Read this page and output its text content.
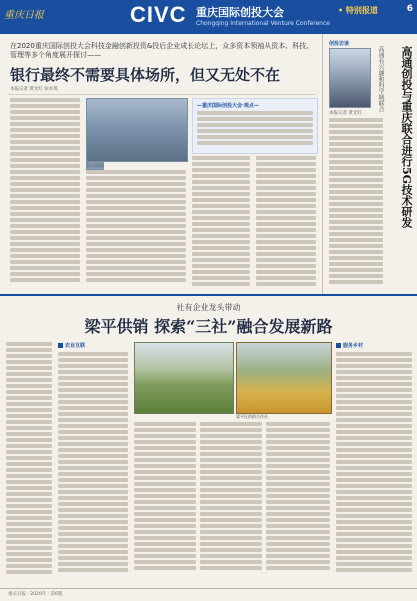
重庆日报	CIVC 重庆国际创投大会	• 特别报道
Chongqing International Venture Conference
6
在2020重庆国际创投大会科技金融创新投资&投后企业成长论坛上，众多资本领袖从资本、科技、管理等多个角度展开探讨——
银行最终不需要具体场所，但又无处不在
本报记者 黄光红 张亦筑
论坛现场
—重庆国际创投大会·观点—
创投访谈
高通有兴趣和科学城联合	高通创投与重庆联合进行5G技术研发
本报记者 黄光红
社有企业龙头带动
梁平供销 探索“三社”融合发展新路
农业互联
梁平区供销合作社
服务乡村
重庆日报 · 2020年 · 第6版
